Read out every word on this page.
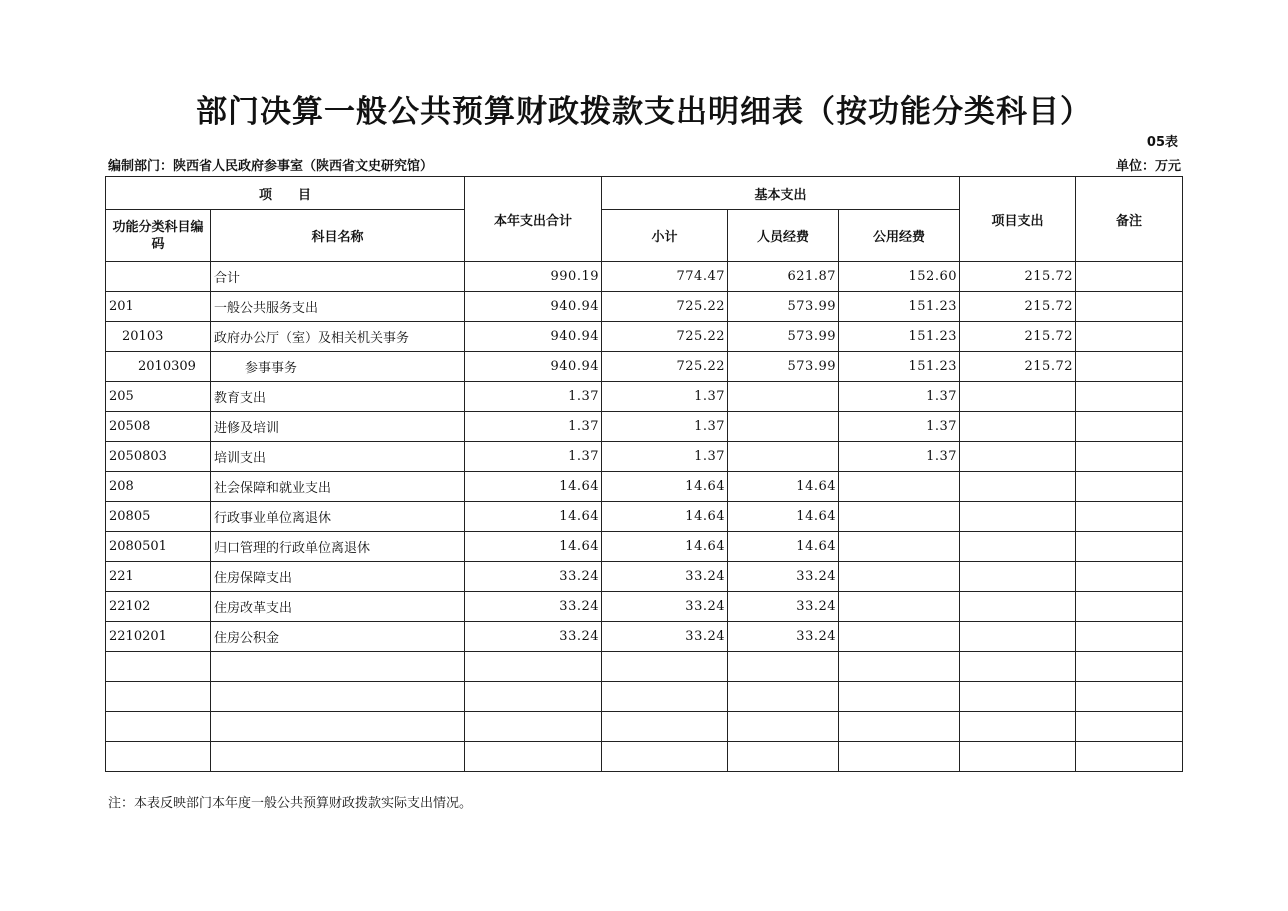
部门决算一般公共预算财政拨款支出明细表（按功能分类科目）
05表
编制部门：陕西省人民政府参事室（陕西省文史研究馆）	单位：万元
项　　目		本年支出合计	基本支出			项目支出	备注
功能分类科目编码	科目名称		小计	人员经费	公用经费		
	合计	990.19	774.47	621.87	152.60	215.72	
201	一般公共服务支出	940.94	725.22	573.99	151.23	215.72	
20103	政府办公厅（室）及相关机关事务	940.94	725.22	573.99	151.23	215.72	
2010309	参事事务	940.94	725.22	573.99	151.23	215.72	
205	教育支出	1.37	1.37		1.37		
20508	进修及培训	1.37	1.37		1.37		
2050803	培训支出	1.37	1.37		1.37		
208	社会保障和就业支出	14.64	14.64	14.64			
20805	行政事业单位离退休	14.64	14.64	14.64			
2080501	归口管理的行政单位离退休	14.64	14.64	14.64			
221	住房保障支出	33.24	33.24	33.24			
22102	住房改革支出	33.24	33.24	33.24			
2210201	住房公积金	33.24	33.24	33.24			

注：本表反映部门本年度一般公共预算财政拨款实际支出情况。
